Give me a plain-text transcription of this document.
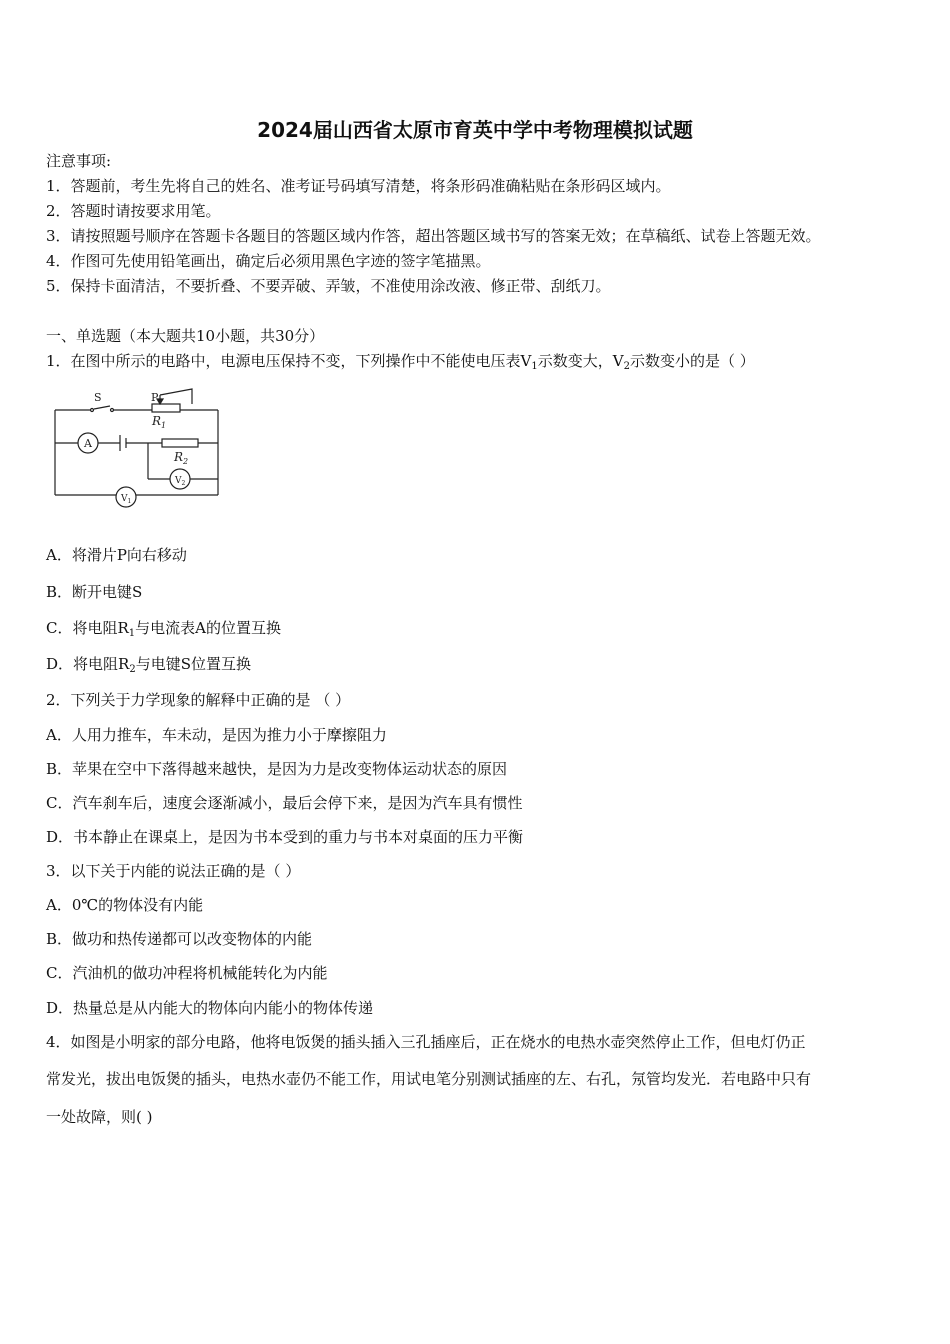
2024届山西省太原市育英中学中考物理模拟试题
注意事项:
1．答题前，考生先将自己的姓名、准考证号码填写清楚，将条形码准确粘贴在条形码区域内。
2．答题时请按要求用笔。
3．请按照题号顺序在答题卡各题目的答题区域内作答，超出答题区域书写的答案无效；在草稿纸、试卷上答题无效。
4．作图可先使用铅笔画出，确定后必须用黑色字迹的签字笔描黑。
5．保持卡面清洁，不要折叠、不要弄破、弄皱，不准使用涂改液、修正带、刮纸刀。
一、单选题（本大题共10小题，共30分）
1．在图中所示的电路中，电源电压保持不变，下列操作中不能使电压表$V_1$示数变大，$V_2$示数变小的是（ ）
S	P
$R_1$
$R_2$
A
$V_2$
$V_1$
A．将滑片P向右移动
B．断开电键S
C．将电阻$R_1$与电流表A的位置互换
D．将电阻$R_2$与电键S位置互换
2．下列关于力学现象的解释中正确的是 （ ）
A．人用力推车，车未动，是因为推力小于摩擦阻力
B．苹果在空中下落得越来越快，是因为力是改变物体运动状态的原因
C．汽车刹车后，速度会逐渐减小，最后会停下来，是因为汽车具有惯性
D．书本静止在课桌上，是因为书本受到的重力与书本对桌面的压力平衡
3．以下关于内能的说法正确的是（ ）
A．0℃的物体没有内能
B．做功和热传递都可以改变物体的内能
C．汽油机的做功冲程将机械能转化为内能
D．热量总是从内能大的物体向内能小的物体传递
4．如图是小明家的部分电路，他将电饭煲的插头插入三孔插座后，正在烧水的电热水壶突然停止工作，但电灯仍正
常发光，拔出电饭煲的插头，电热水壶仍不能工作，用试电笔分别测试插座的左、右孔，氖管均发光．若电路中只有
一处故障，则( )
